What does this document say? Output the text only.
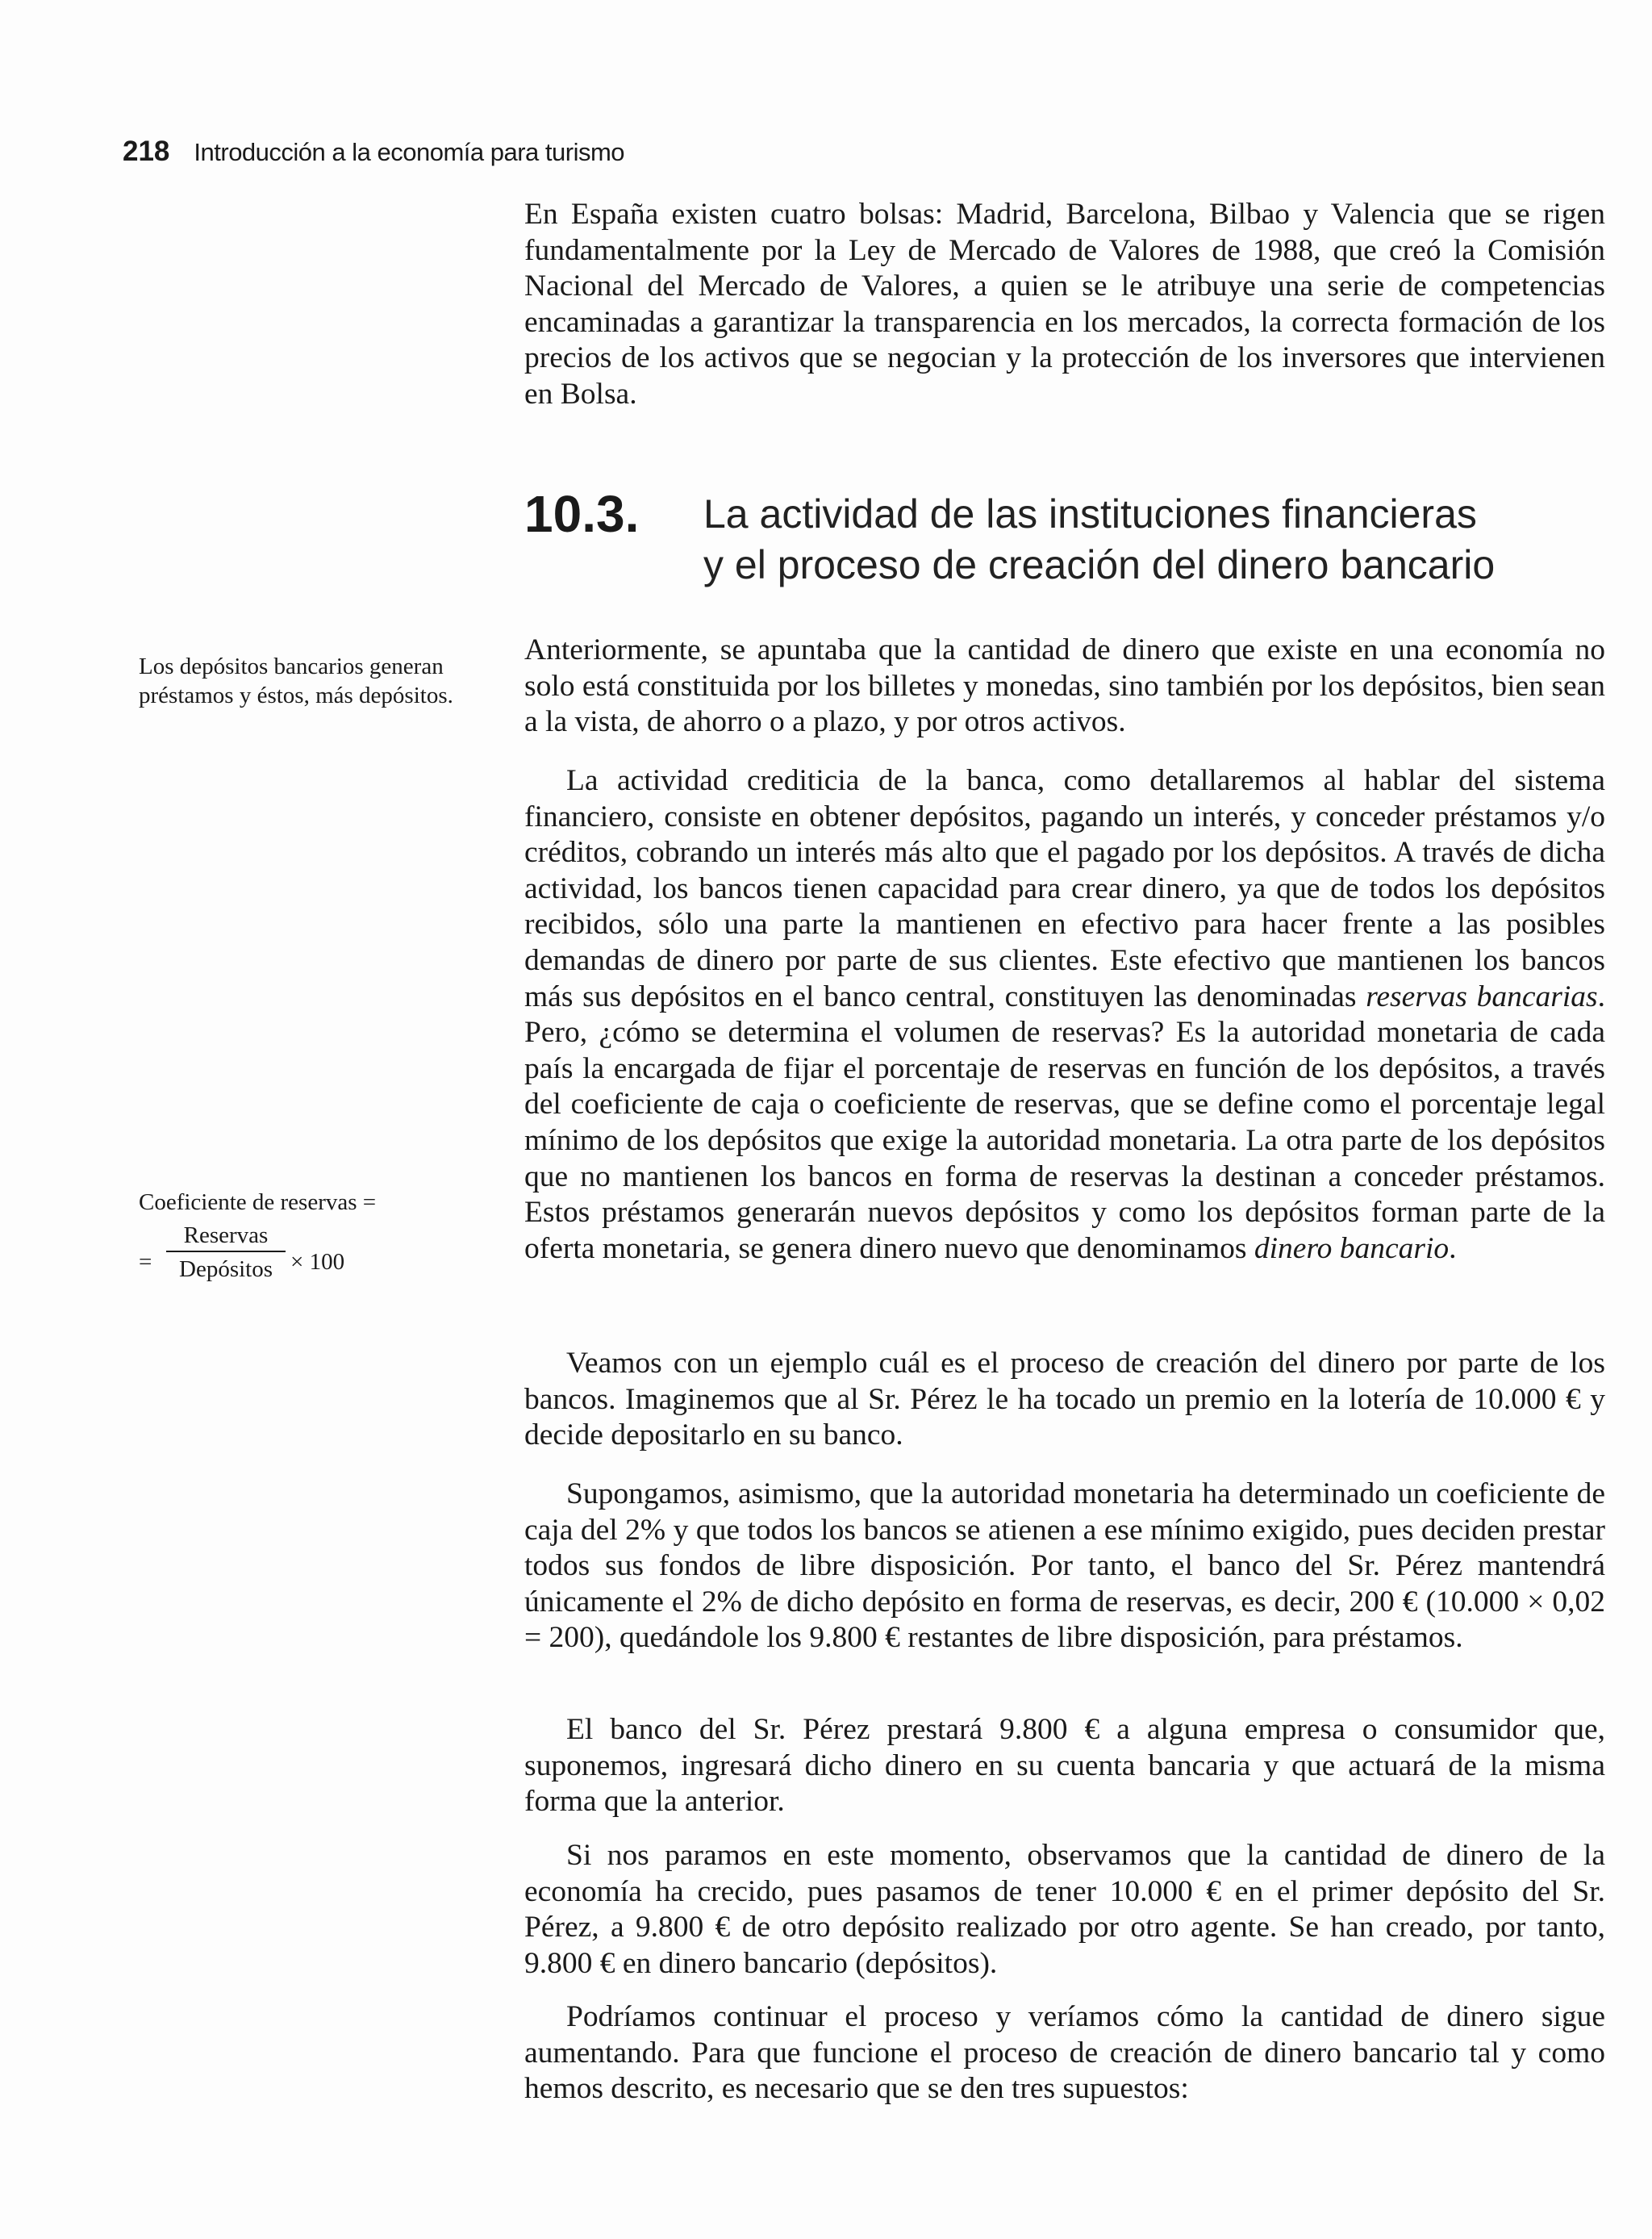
218 Introducción a la economía para turismo

En España existen cuatro bolsas: Madrid, Barcelona, Bilbao y Valencia que se rigen fundamentalmente por la Ley de Mercado de Valores de 1988, que creó la Comisión Nacional del Mercado de Valores, a quien se le atribuye una serie de competencias encaminadas a garantizar la transparencia en los mercados, la correcta formación de los precios de los activos que se negocian y la protección de los inversores que intervienen en Bolsa.

10.3. La actividad de las instituciones financieras
y el proceso de creación del dinero bancario
Los depósitos bancarios generan préstamos y éstos, más depósitos.
Coeficiente de reservas =
=
Reservas
Depósitos × 100

Anteriormente, se apuntaba que la cantidad de dinero que existe en una economía no solo está constituida por los billetes y monedas, sino también por los depósitos, bien sean a la vista, de ahorro o a plazo, y por otros activos.

La actividad crediticia de la banca, como detallaremos al hablar del sistema financiero, consiste en obtener depósitos, pagando un interés, y conceder préstamos y/o créditos, cobrando un interés más alto que el pagado por los depósitos. A través de dicha actividad, los bancos tienen capacidad para crear dinero, ya que de todos los depósitos recibidos, sólo una parte la mantienen en efectivo para hacer frente a las posibles demandas de dinero por parte de sus clientes. Este efectivo que mantienen los bancos más sus depósitos en el banco central, constituyen las denominadas reservas bancarias. Pero, ¿cómo se determina el volumen de reservas? Es la autoridad monetaria de cada país la encargada de fijar el porcentaje de reservas en función de los depósitos, a través del coeficiente de caja o coeficiente de reservas, que se define como el porcentaje legal mínimo de los depósitos que exige la autoridad monetaria. La otra parte de los depósitos que no mantienen los bancos en forma de reservas la destinan a conceder préstamos. Estos préstamos generarán nuevos depósitos y como los depósitos forman parte de la oferta monetaria, se genera dinero nuevo que denominamos dinero bancario.

Veamos con un ejemplo cuál es el proceso de creación del dinero por parte de los bancos. Imaginemos que al Sr. Pérez le ha tocado un premio en la lotería de 10.000 € y decide depositarlo en su banco.

Supongamos, asimismo, que la autoridad monetaria ha determinado un coeficiente de caja del 2% y que todos los bancos se atienen a ese mínimo exigido, pues deciden prestar todos sus fondos de libre disposición. Por tanto, el banco del Sr. Pérez mantendrá únicamente el 2% de dicho depósito en forma de reservas, es decir, 200 € (10.000 × 0,02 = 200), quedándole los 9.800 € restantes de libre disposición, para préstamos.

El banco del Sr. Pérez prestará 9.800 € a alguna empresa o consumidor que, suponemos, ingresará dicho dinero en su cuenta bancaria y que actuará de la misma forma que la anterior.

Si nos paramos en este momento, observamos que la cantidad de dinero de la economía ha crecido, pues pasamos de tener 10.000 € en el primer depósito del Sr. Pérez, a 9.800 € de otro depósito realizado por otro agente. Se han creado, por tanto, 9.800 € en dinero bancario (depósitos).

Podríamos continuar el proceso y veríamos cómo la cantidad de dinero sigue aumentando. Para que funcione el proceso de creación de dinero bancario tal y como hemos descrito, es necesario que se den tres supuestos:
